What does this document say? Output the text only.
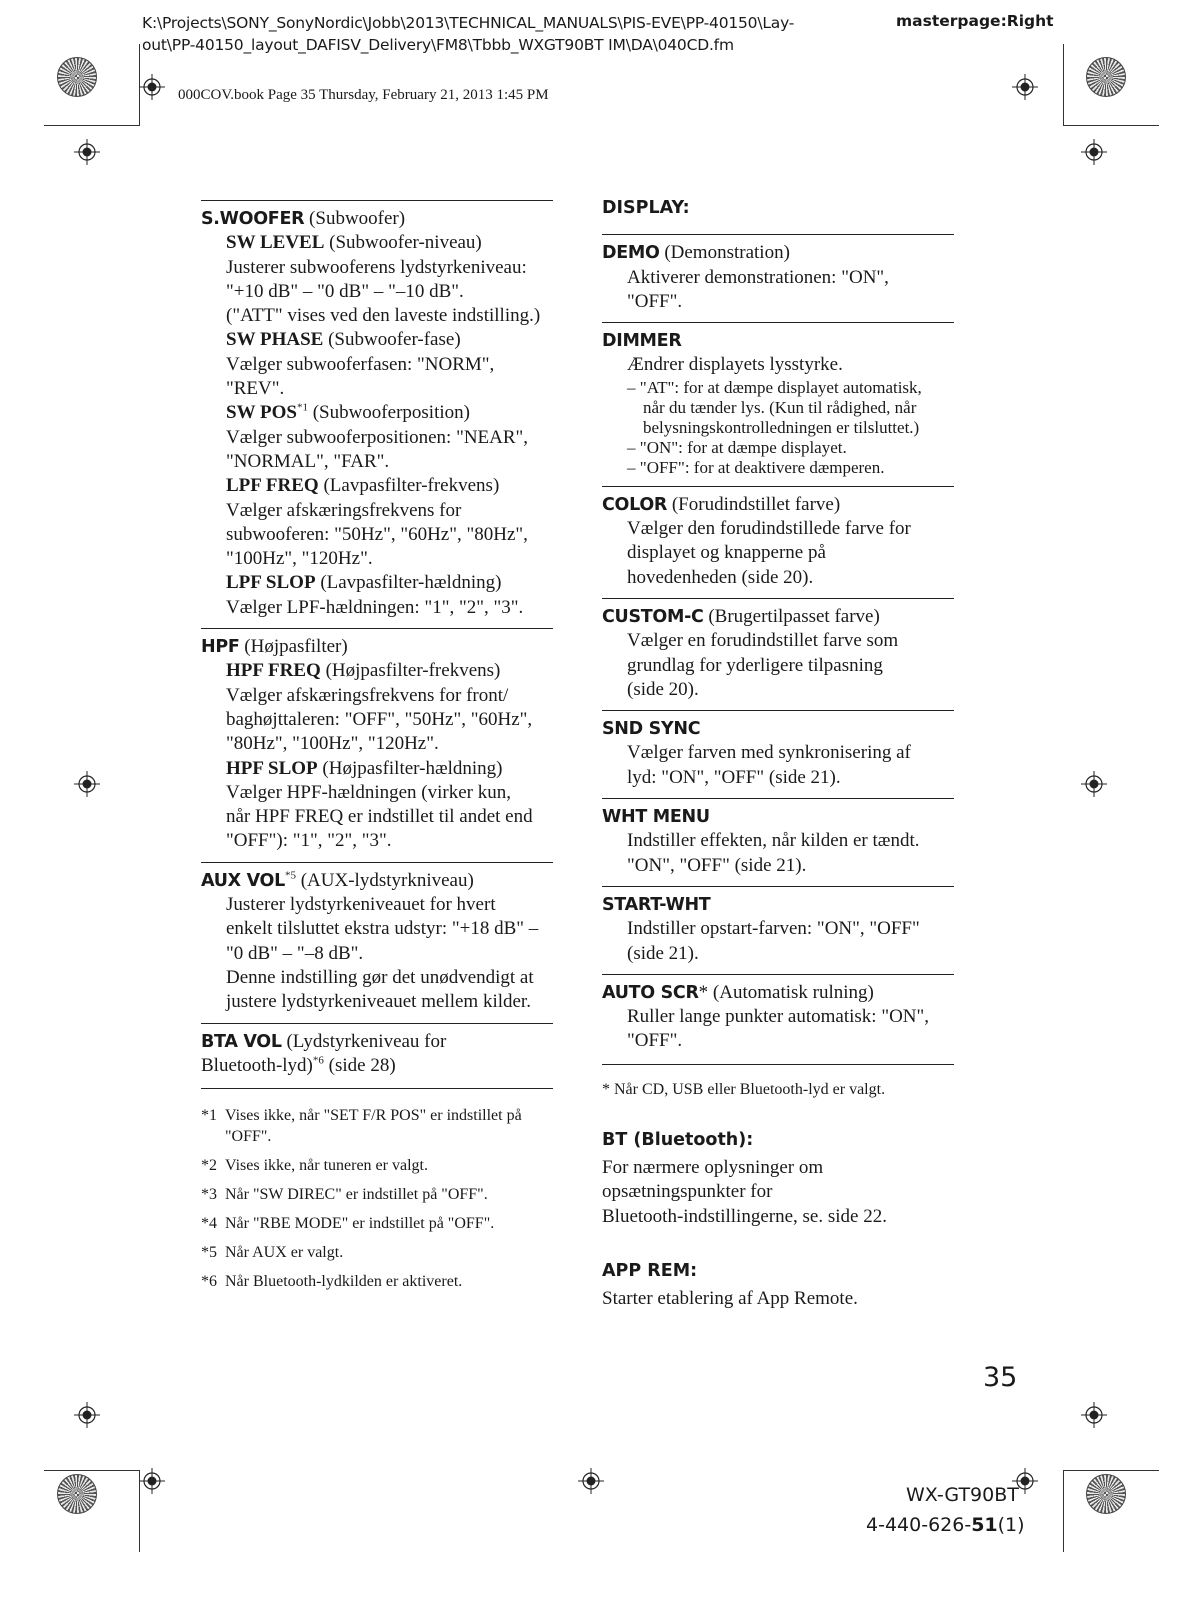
K:\Projects\SONY_SonyNordic\Jobb\2013\TECHNICAL_MANUALS\PIS-EVE\PP-40150\Lay-
out\PP-40150_layout_DAFISV_Delivery\FM8\Tbbb_WXGT90BT IM\DA\040CD.fm
masterpage:Right
000COV.book Page 35 Thursday, February 21, 2013 1:45 PM
S.WOOFER (Subwoofer)
SW LEVEL (Subwoofer-niveau)
Justerer subwooferens lydstyrkeniveau:
"+10 dB" – "0 dB" – "–10 dB".
("ATT" vises ved den laveste indstilling.)
SW PHASE (Subwoofer-fase)
Vælger subwooferfasen: "NORM",
"REV".
SW POS$^{*1}$ (Subwooferposition)
Vælger subwooferpositionen: "NEAR",
"NORMAL", "FAR".
LPF FREQ (Lavpasfilter-frekvens)
Vælger afskæringsfrekvens for
subwooferen: "50Hz", "60Hz", "80Hz",
"100Hz", "120Hz".
LPF SLOP (Lavpasfilter-hældning)
Vælger LPF-hældningen: "1", "2", "3".
HPF (Højpasfilter)
HPF FREQ (Højpasfilter-frekvens)
Vælger afskæringsfrekvens for front/
baghøjttaleren: "OFF", "50Hz", "60Hz",
"80Hz", "100Hz", "120Hz".
HPF SLOP (Højpasfilter-hældning)
Vælger HPF-hældningen (virker kun,
når HPF FREQ er indstillet til andet end
"OFF"): "1", "2", "3".
AUX VOL$^{*5}$ (AUX-lydstyrkniveau)
Justerer lydstyrkeniveauet for hvert
enkelt tilsluttet ekstra udstyr: "+18 dB" –
"0 dB" – "–8 dB".
Denne indstilling gør det unødvendigt at
justere lydstyrkeniveauet mellem kilder.
BTA VOL (Lydstyrkeniveau for
Bluetooth-lyd)$^{*6}$ (side 28)
*1 Vises ikke, når "SET F/R POS" er indstillet på "OFF".
*2 Vises ikke, når tuneren er valgt.
*3 Når "SW DIREC" er indstillet på "OFF".
*4 Når "RBE MODE" er indstillet på "OFF".
*5 Når AUX er valgt.
*6 Når Bluetooth-lydkilden er aktiveret.
DISPLAY:
DEMO (Demonstration)
Aktiverer demonstrationen: "ON",
"OFF".
DIMMER
Ændrer displayets lysstyrke.
– "AT": for at dæmpe displayet automatisk,
når du tænder lys. (Kun til rådighed, når
belysningskontrolledningen er tilsluttet.)
– "ON": for at dæmpe displayet.
– "OFF": for at deaktivere dæmperen.
COLOR (Forudindstillet farve)
Vælger den forudindstillede farve for
displayet og knapperne på
hovedenheden (side 20).
CUSTOM-C (Brugertilpasset farve)
Vælger en forudindstillet farve som
grundlag for yderligere tilpasning
(side 20).
SND SYNC
Vælger farven med synkronisering af
lyd: "ON", "OFF" (side 21).
WHT MENU
Indstiller effekten, når kilden er tændt.
"ON", "OFF" (side 21).
START-WHT
Indstiller opstart-farven: "ON", "OFF"
(side 21).
AUTO SCR* (Automatisk rulning)
Ruller lange punkter automatisk: "ON",
"OFF".
* Når CD, USB eller Bluetooth-lyd er valgt.
BT (Bluetooth):
For nærmere oplysninger om
opsætningspunkter for
Bluetooth-indstillingerne, se. side 22.
APP REM:
Starter etablering af App Remote.
35
WX-GT90BT
4-440-626-51(1)
